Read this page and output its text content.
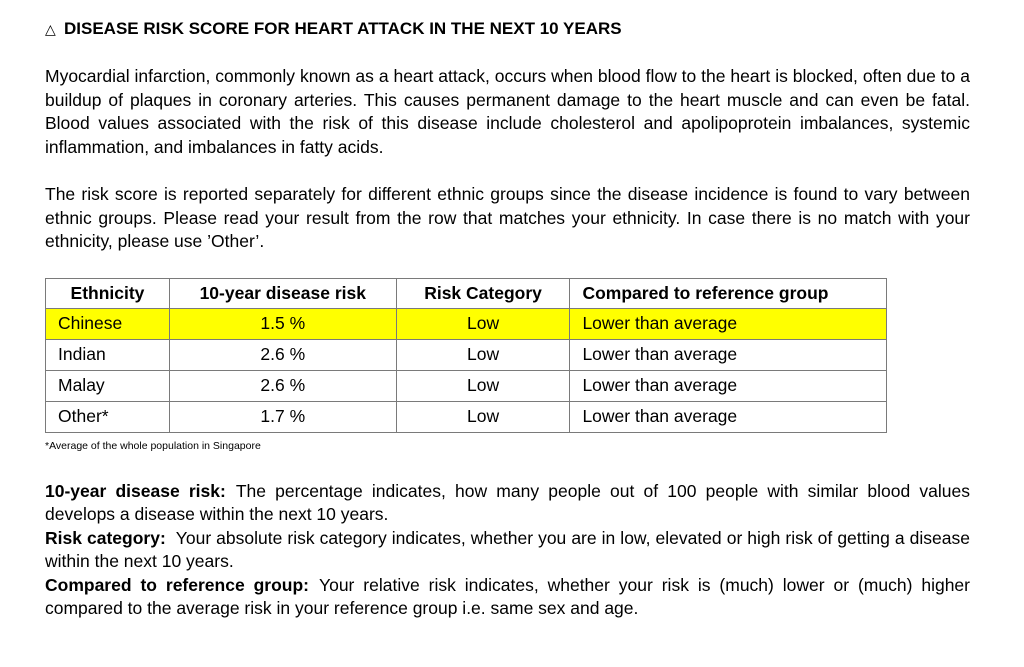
△ DISEASE RISK SCORE FOR HEART ATTACK IN THE NEXT 10 YEARS
Myocardial infarction, commonly known as a heart attack, occurs when blood flow to the heart is blocked, often due to a buildup of plaques in coronary arteries. This causes permanent damage to the heart muscle and can even be fatal. Blood values associated with the risk of this disease include cholesterol and apolipoprotein imbalances, systemic inflammation, and imbalances in fatty acids.
The risk score is reported separately for different ethnic groups since the disease incidence is found to vary between ethnic groups. Please read your result from the row that matches your ethnicity. In case there is no match with your ethnicity, please use ’Other’.
Ethnicity	10-year disease risk	Risk Category	Compared to reference group
Chinese	1.5 %	Low	Lower than average
Indian	2.6 %	Low	Lower than average
Malay	2.6 %	Low	Lower than average
Other*	1.7 %	Low	Lower than average
*Average of the whole population in Singapore
10-year disease risk: The percentage indicates, how many people out of 100 people with similar blood values develops a disease within the next 10 years.
Risk category: Your absolute risk category indicates, whether you are in low, elevated or high risk of getting a disease within the next 10 years.
Compared to reference group: Your relative risk indicates, whether your risk is (much) lower or (much) higher compared to the average risk in your reference group i.e. same sex and age.
